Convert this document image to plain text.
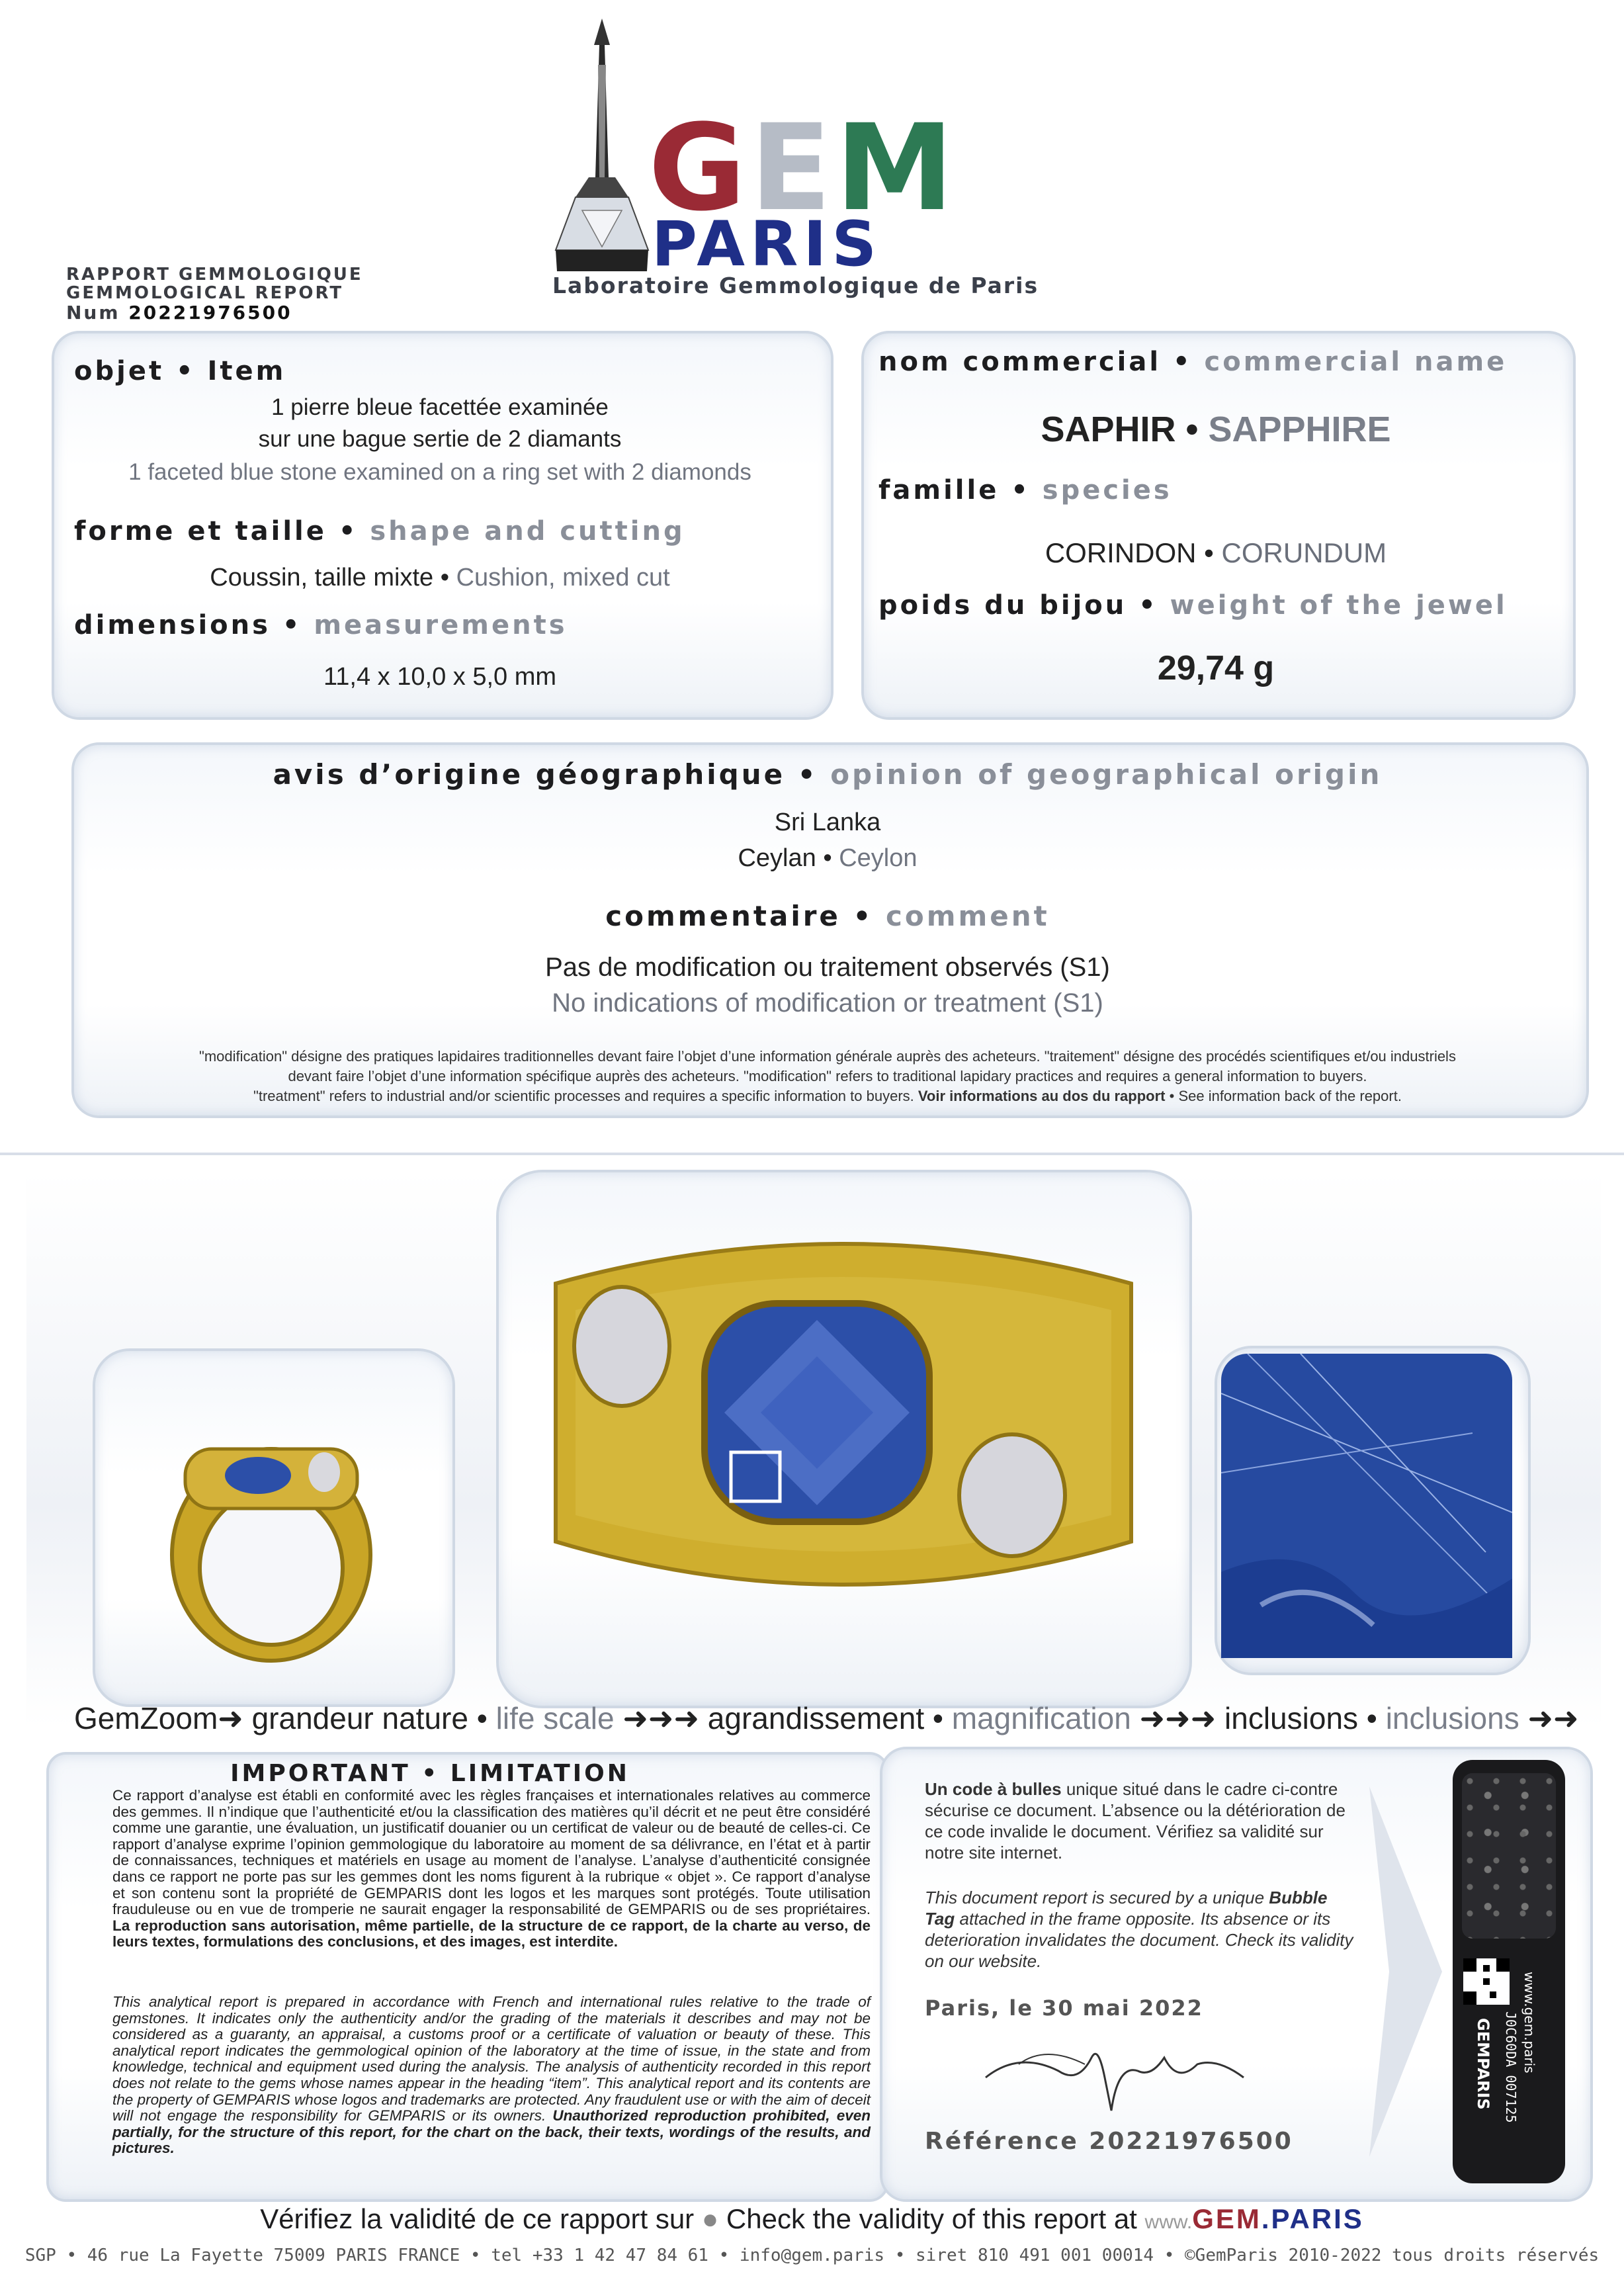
GEM
PARIS
Laboratoire Gemmologique de Paris
RAPPORT GEMMOLOGIQUE
GEMMOLOGICAL REPORT
Num 20221976500
objet • Item
1 pierre bleue facettée examinée
sur une bague sertie de 2 diamants
1 faceted blue stone examined on a ring set with 2 diamonds
forme et taille • shape and cutting
Coussin, taille mixte • Cushion, mixed cut
dimensions • measurements
11,4 x 10,0 x 5,0 mm
nom commercial • commercial name
SAPHIR • SAPPHIRE
famille • species
CORINDON • CORUNDUM
poids du bijou • weight of the jewel
29,74 g
avis d’origine géographique • opinion of geographical origin
Sri Lanka
Ceylan • Ceylon
commentaire • comment
Pas de modification ou traitement observés (S1)
No indications of modification or treatment (S1)
"modification" désigne des pratiques lapidaires traditionnelles devant faire l’objet d’une information générale auprès des acheteurs. "traitement" désigne des procédés scientifiques et/ou industriels
devant faire l’objet d’une information spécifique auprès des acheteurs. "modification" refers to traditional lapidary practices and requires a general information to buyers.
"treatment" refers to industrial and/or scientific processes and requires a specific information to buyers. Voir informations au dos du rapport • See information back of the report.
GemZoom➜ grandeur nature • life scale ➜➜➜ agrandissement • magnification ➜➜➜ inclusions • inclusions ➜➜
IMPORTANT • LIMITATION
Ce rapport d’analyse est établi en conformité avec les règles françaises et internationales relatives au commerce des gemmes. Il n’indique que l’authenticité et/ou la classification des matières qu’il décrit et ne peut être considéré comme une garantie, une évaluation, un justificatif douanier ou un certificat de valeur ou de beauté de celles-ci. Ce rapport d’analyse exprime l’opinion gemmologique du laboratoire au moment de sa délivrance, en l’état et à partir de connaissances, techniques et matériels en usage au moment de l’analyse. L’analyse d’authenticité consignée dans ce rapport ne porte pas sur les gemmes dont les noms figurent à la rubrique « objet ». Ce rapport d’analyse et son contenu sont la propriété de GEMPARIS dont les logos et les marques sont protégés. Toute utilisation frauduleuse ou en vue de tromperie ne saurait engager la responsabilité de GEMPARIS ou de ses propriétaires. La reproduction sans autorisation, même partielle, de la structure de ce rapport, de la charte au verso, de leurs textes, formulations des conclusions, et des images, est interdite.
This analytical report is prepared in accordance with French and international rules relative to the trade of gemstones. It indicates only the authenticity and/or the grading of the materials it describes and may not be considered as a guaranty, an appraisal, a customs proof or a certificate of valuation or beauty of these. This analytical report indicates the gemmological opinion of the laboratory at the time of issue, in the state and from knowledge, technical and equipment used during the analysis. The analysis of authenticity recorded in this report does not relate to the gems whose names appear in the heading “item”. This analytical report and its contents are the property of GEMPARIS whose logos and trademarks are protected. Any fraudulent use or with the aim of deceit will not engage the responsibility for GEMPARIS or its owners. Unauthorized reproduction prohibited, even partially, for the structure of this report, for the chart on the back, their texts, wordings of the results, and pictures.
Un code à bulles unique situé dans le cadre ci-contre sécurise ce document. L’absence ou la détérioration de ce code invalide le document. Vérifiez sa validité sur notre site internet.
This document report is secured by a unique Bubble Tag attached in the frame opposite. Its absence or its deterioration invalidates the document. Check its validity on our website.
Paris, le 30 mai 2022
Référence 20221976500
GEMPARIS www.gem.paris
J0C60DA 007125
Vérifiez la validité de ce rapport sur ● Check the validity of this report at www.GEM.PARIS
SGP • 46 rue La Fayette 75009 PARIS FRANCE • tel +33 1 42 47 84 61 • info@gem.paris • siret 810 491 001 00014 • ©GemParis 2010-2022 tous droits réservés
